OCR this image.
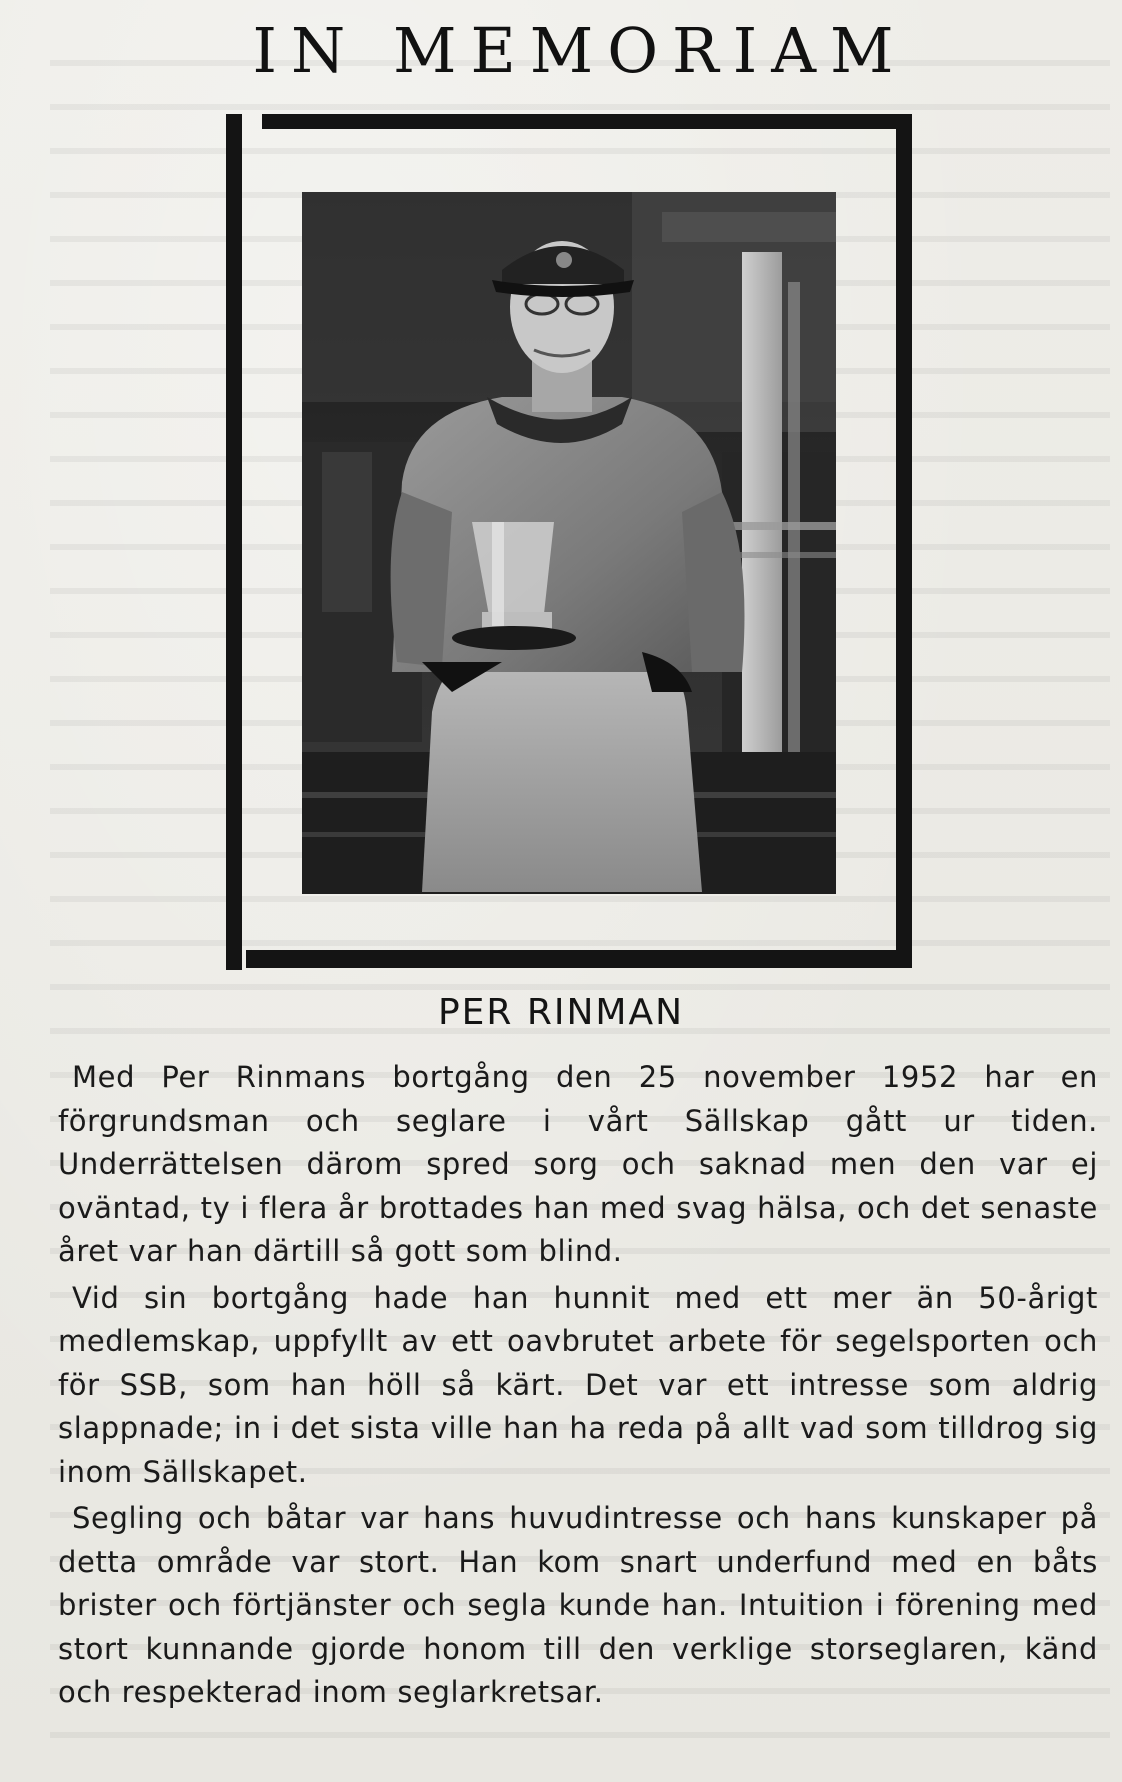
IN MEMORIAM
PER RINMAN

Med Per Rinmans bortgång den 25 november 1952 har en förgrundsman och seglare i vårt Sällskap gått ur tiden. Underrättelsen därom spred sorg och saknad men den var ej oväntad, ty i flera år brottades han med svag hälsa, och det senaste året var han därtill så gott som blind.

Vid sin bortgång hade han hunnit med ett mer än 50-årigt medlemskap, uppfyllt av ett oavbrutet arbete för segelsporten och för SSB, som han höll så kärt. Det var ett intresse som aldrig slappnade; in i det sista ville han ha reda på allt vad som tilldrog sig inom Sällskapet.

Segling och båtar var hans huvudintresse och hans kunskaper på detta område var stort. Han kom snart underfund med en båts brister och förtjänster och segla kunde han. Intuition i förening med stort kunnande gjorde honom till den verklige storseglaren, känd och respekterad inom seglarkretsar.
